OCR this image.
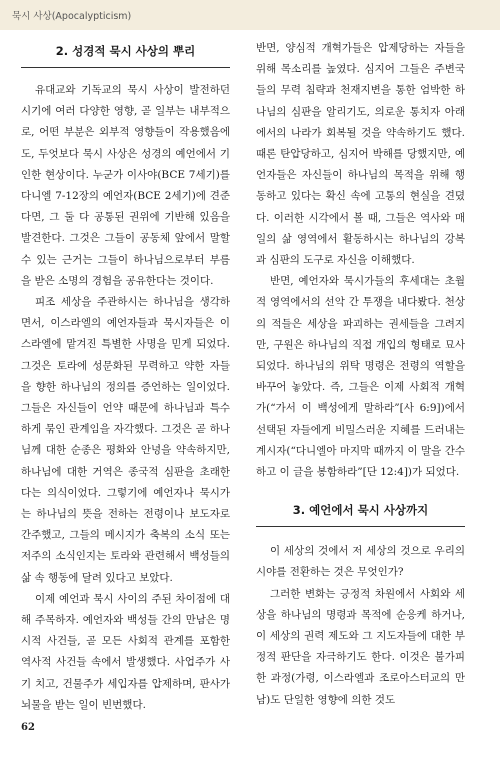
묵시 사상(Apocalypticism)
2. 성경적 묵시 사상의 뿌리

유대교와 기독교의 묵시 사상이 발전하던 시기에 여러 다양한 영향, 곧 일부는 내부적으로, 어떤 부분은 외부적 영향들이 작용했음에도, 두엇보다 묵시 사상은 성경의 예언에서 기인한 현상이다. 누군가 이사야(BCE 7세기)를 다니엘 7-12장의 예언자(BCE 2세기)에 견준다면, 그 둘 다 공통된 권위에 기반해 있음을 발견한다. 그것은 그들이 공동체 앞에서 말할 수 있는 근거는 그들이 하나님으로부터 부름을 받은 소명의 경험을 공유한다는 것이다.

피조 세상을 주관하시는 하나님을 생각하면서, 이스라엘의 예언자들과 묵시자들은 이스라엘에 맡겨진 특별한 사명을 믿게 되었다. 그것은 토라에 성문화된 무력하고 약한 자들을 향한 하나님의 정의를 증언하는 일이었다. 그들은 자신들이 언약 때문에 하나님과 특수하게 묶인 관계임을 자각했다. 그것은 곧 하나님께 대한 순종은 평화와 안녕을 약속하지만, 하나님에 대한 거역은 종국적 심판을 초래한다는 의식이었다. 그렇기에 예언자나 묵시가는 하나님의 뜻을 전하는 전령이나 보도자로 간주했고, 그들의 메시지가 축복의 소식 또는 저주의 소식인지는 토라와 관련해서 백성들의 삶 속 행동에 달려 있다고 보았다.

이제 예언과 묵시 사이의 주된 차이점에 대해 주목하자. 예언자와 백성들 간의 만남은 명시적 사건들, 곧 모든 사회적 관계를 포함한 역사적 사건들 속에서 발생했다. 사업주가 사기 치고, 건물주가 세입자를 압제하며, 판사가 뇌물을 받는 일이 빈번했다.

반면, 양심적 개혁가들은 압제당하는 자들을 위해 목소리를 높였다. 심지어 그들은 주변국들의 무력 침략과 천재지변을 통한 엄박한 하나님의 심판을 알리기도, 의로운 통치자 아래에서의 나라가 회복될 것을 약속하기도 했다. 때론 탄압당하고, 심지어 박해를 당했지만, 예언자들은 자신들이 하나님의 목적을 위해 행동하고 있다는 확신 속에 고통의 현실을 견뎠다. 이러한 시각에서 볼 때, 그들은 역사와 매일의 삶 영역에서 활동하시는 하나님의 강복과 심판의 도구로 자신을 이해했다.

반면, 예언자와 묵시가들의 후세대는 초월적 영역에서의 선악 간 투쟁을 내다봤다. 천상의 적들은 세상을 파괴하는 권세들을 그려지만, 구원은 하나님의 직접 개입의 형태로 묘사되었다. 하나님의 위탁 명령은 전령의 역할을 바꾸어 놓았다. 즉, 그들은 이제 사회적 개혁가(“가서 이 백성에게 말하라”[사 6:9])에서 선택된 자들에게 비밀스러운 지혜를 드러내는 계시자(“다니엘아 마지막 때까지 이 말을 간수하고 이 글을 봉함하라”[단 12:4])가 되었다.

3. 예언에서 묵시 사상까지

이 세상의 것에서 저 세상의 것으로 우리의 시야를 전환하는 것은 무엇인가?

그러한 변화는 긍정적 차원에서 사회와 세상을 하나님의 명령과 목적에 순응케 하거나, 이 세상의 권력 제도와 그 지도자들에 대한 부정적 판단을 자극하기도 한다. 이것은 불가피한 과정(가령, 이스라엘과 조로아스터교의 만남)도 단일한 영향에 의한 것도

62
